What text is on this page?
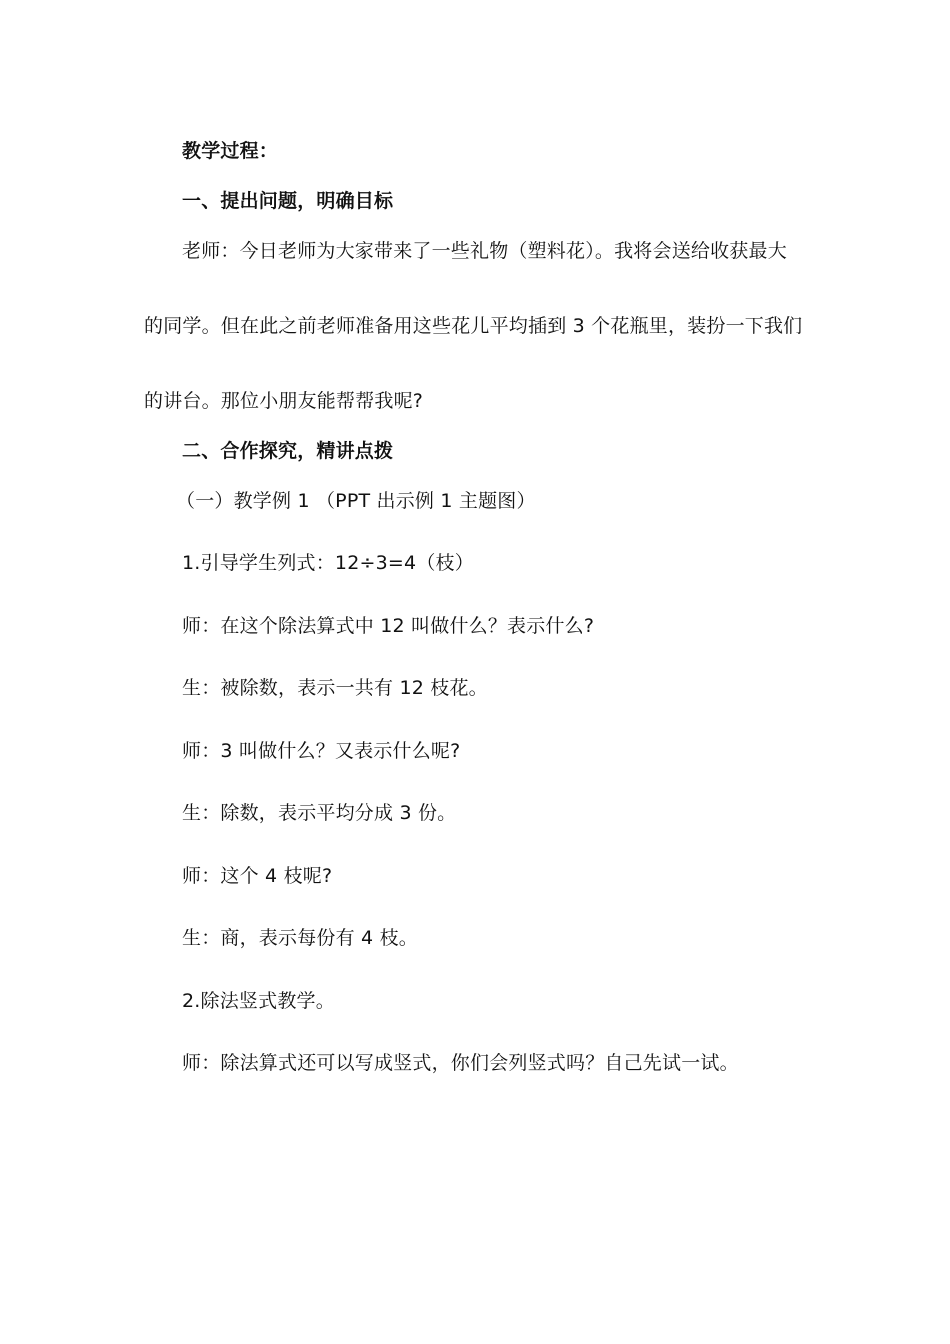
教学过程：
一、提出问题，明确目标
老师：今日老师为大家带来了一些礼物（塑料花）。我将会送给收获最大
的同学。但在此之前老师准备用这些花儿平均插到 3 个花瓶里，装扮一下我们
的讲台。那位小朋友能帮帮我呢?
二、合作探究，精讲点拨
（一）教学例 1 （PPT 出示例 1 主题图）
1.引导学生列式：12÷3=4（枝）
师：在这个除法算式中 12 叫做什么？表示什么?
生：被除数，表示一共有 12 枝花。
师：3 叫做什么？又表示什么呢?
生：除数，表示平均分成 3 份。
师：这个 4 枝呢?
生：商，表示每份有 4 枝。
2.除法竖式教学。
师：除法算式还可以写成竖式，你们会列竖式吗？自己先试一试。
